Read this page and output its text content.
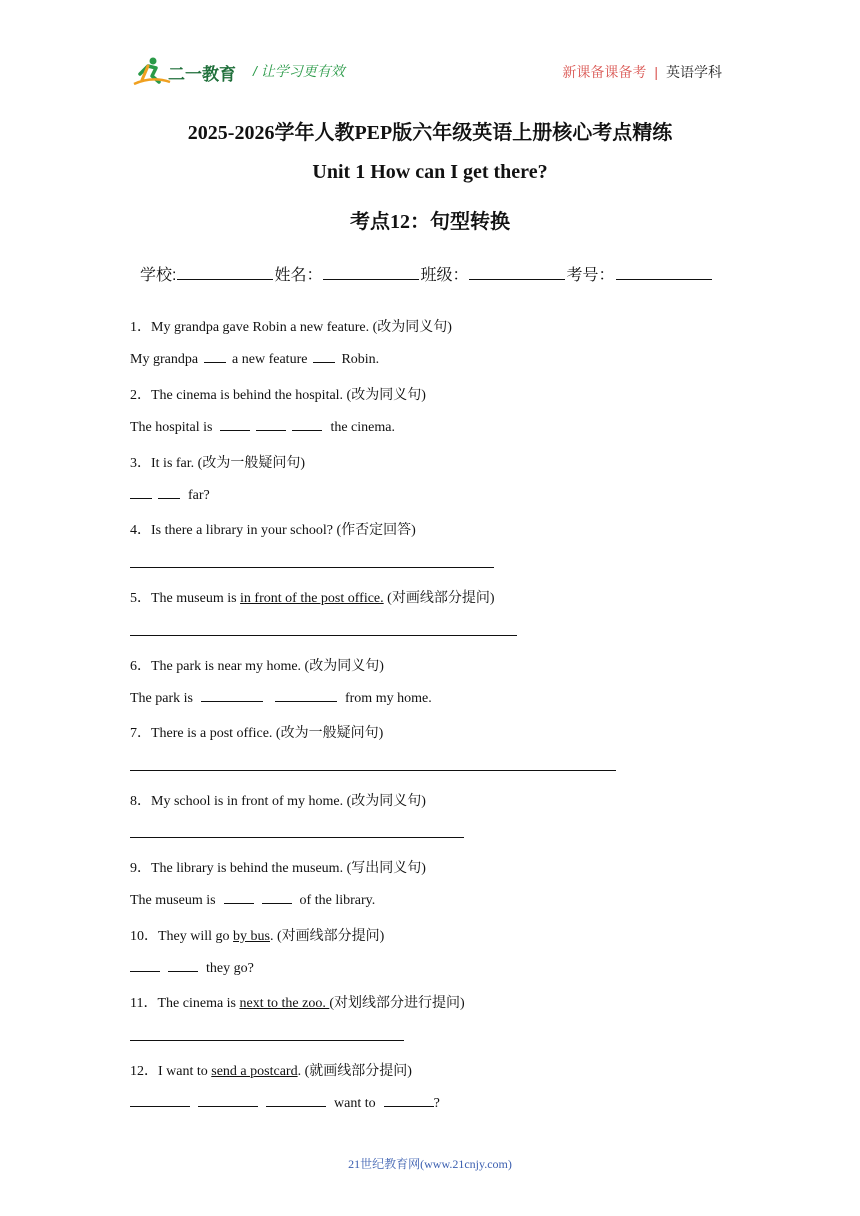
二一教育 / 让学习更有效	新课备课备考 | 英语学科
2025-2026学年人教PEP版六年级英语上册核心考点精练
Unit 1 How can I get there?
考点12：句型转换
学校:	姓名：	班级：	考号：
1．My grandpa gave Robin a new feature. (改为同义句)
My grandpa a new feature Robin.
2．The cinema is behind the hospital. (改为同义句)
The hospital is	the cinema.
3．It is far. (改为一般疑问句)
far?
4．Is there a library in your school? (作否定回答)
5．The museum is in front of the post office. (对画线部分提问)
6．The park is near my home. (改为同义句)
The park is	from my home.
7．There is a post office. (改为一般疑问句)
8．My school is in front of my home. (改为同义句)
9．The library is behind the museum. (写出同义句)
The museum is	of the library.
10．They will go by bus. (对画线部分提问)
they go?
11．The cinema is next to the zoo. (对划线部分进行提问)
12．I want to send a postcard. (就画线部分提问)
want to	?
21世纪教育网(www.21cnjy.com)
